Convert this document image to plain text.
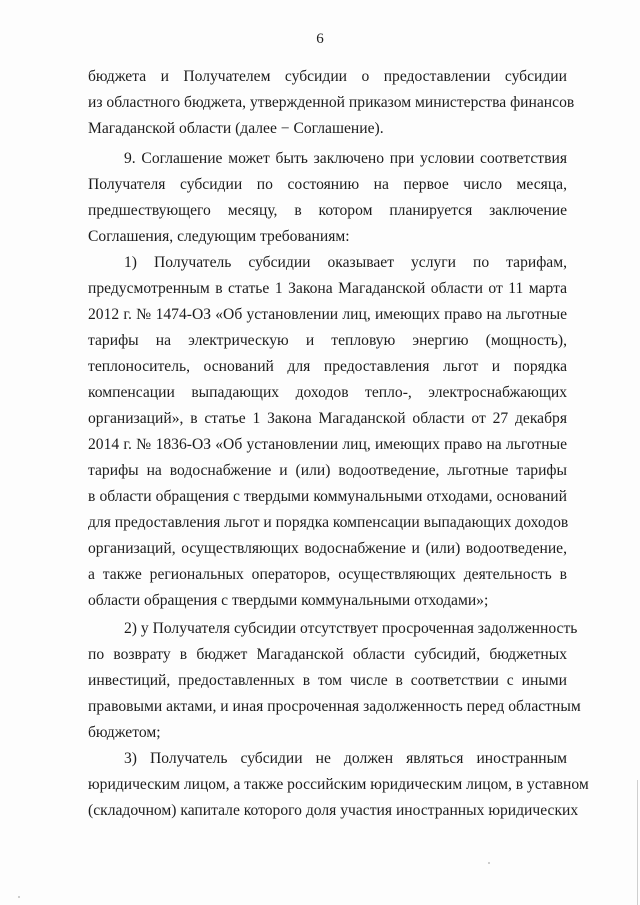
6
бюджета и Получателем субсидии о предоставлении субсидии
из областного бюджета, утвержденной приказом министерства финансов
Магаданской области (далее − Соглашение).
9. Соглашение может быть заключено при условии соответствия
Получателя субсидии по состоянию на первое число месяца,
предшествующего месяцу, в котором планируется заключение
Соглашения, следующим требованиям:
1) Получатель субсидии оказывает услуги по тарифам,
предусмотренным в статье 1 Закона Магаданской области от 11 марта
2012 г. № 1474-ОЗ «Об установлении лиц, имеющих право на льготные
тарифы на электрическую и тепловую энергию (мощность),
теплоноситель, оснований для предоставления льгот и порядка
компенсации выпадающих доходов тепло-, электроснабжающих
организаций», в статье 1 Закона Магаданской области от 27 декабря
2014 г. № 1836-ОЗ «Об установлении лиц, имеющих право на льготные
тарифы на водоснабжение и (или) водоотведение, льготные тарифы
в области обращения с твердыми коммунальными отходами, оснований
для предоставления льгот и порядка компенсации выпадающих доходов
организаций, осуществляющих водоснабжение и (или) водоотведение,
а также региональных операторов, осуществляющих деятельность в
области обращения с твердыми коммунальными отходами»;
2) у Получателя субсидии отсутствует просроченная задолженность
по возврату в бюджет Магаданской области субсидий, бюджетных
инвестиций, предоставленных в том числе в соответствии с иными
правовыми актами, и иная просроченная задолженность перед областным
бюджетом;
3) Получатель субсидии не должен являться иностранным
юридическим лицом, а также российским юридическим лицом, в уставном
(складочном) капитале которого доля участия иностранных юридических
